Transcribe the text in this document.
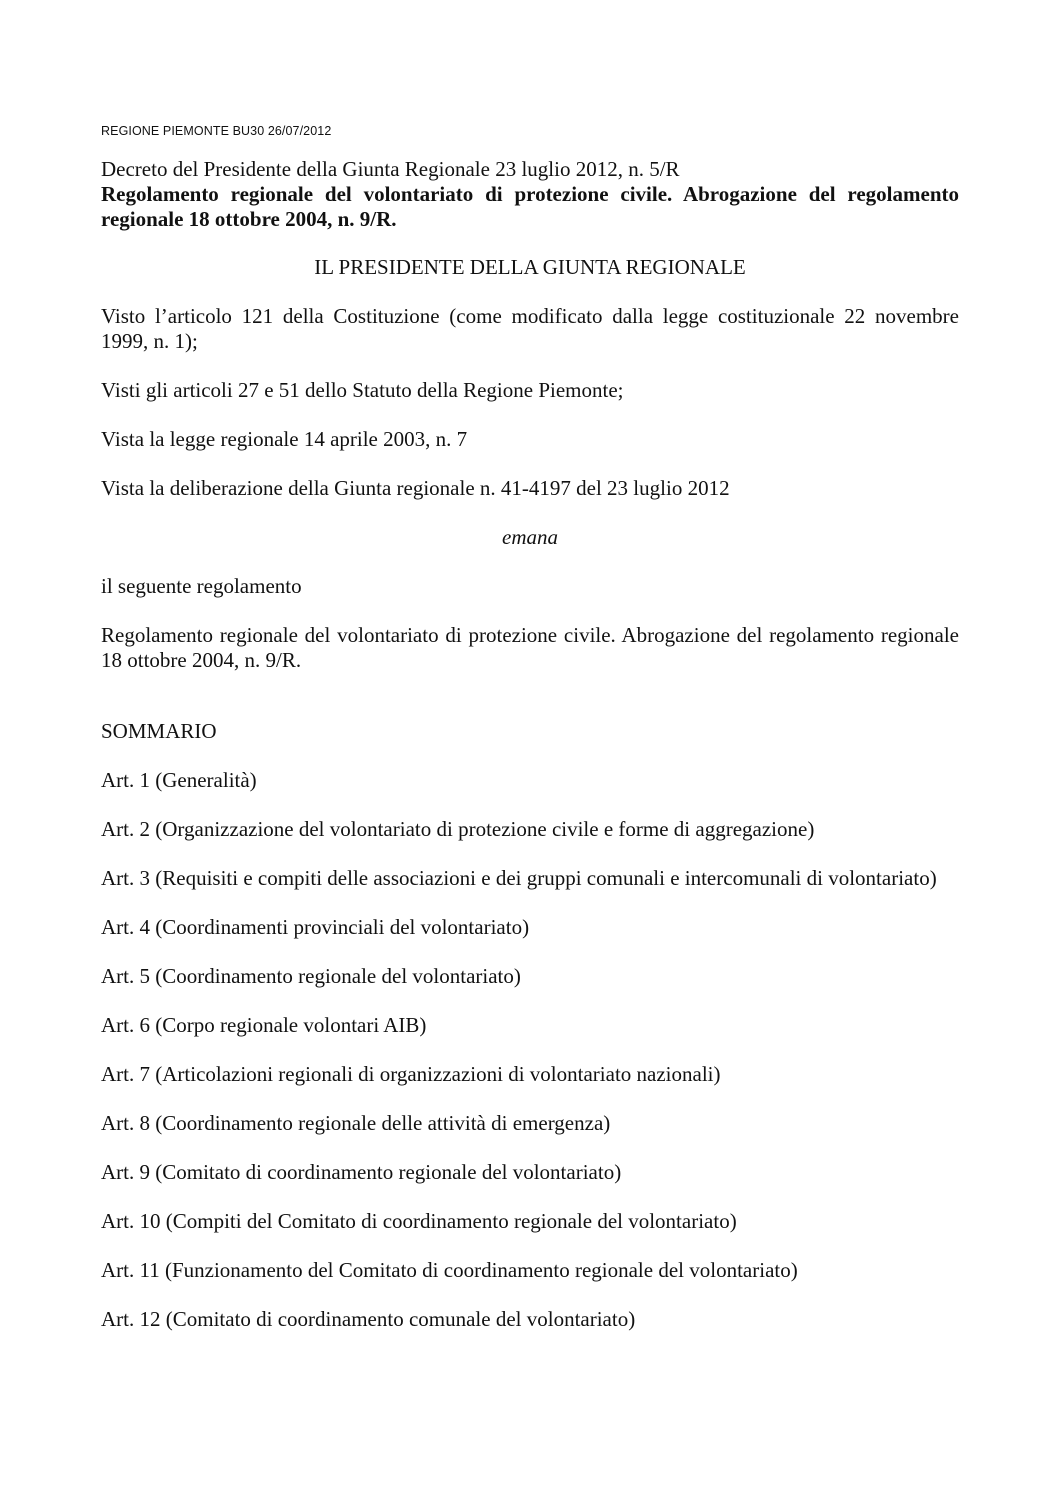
REGIONE PIEMONTE BU30 26/07/2012

Decreto del Presidente della Giunta Regionale 23 luglio 2012, n. 5/R

Regolamento regionale del volontariato di protezione civile. Abrogazione del regolamento regionale 18 ottobre 2004, n. 9/R.

IL PRESIDENTE DELLA GIUNTA REGIONALE

Visto l’articolo 121 della Costituzione (come modificato dalla legge costituzionale 22 novembre 1999, n. 1);

Visti gli articoli 27 e 51 dello Statuto della Regione Piemonte;

Vista la legge regionale 14 aprile 2003, n. 7

Vista la deliberazione della Giunta regionale n. 41-4197 del 23 luglio 2012

emana

il seguente regolamento

Regolamento regionale del volontariato di protezione civile. Abrogazione del regolamento regionale 18 ottobre 2004, n. 9/R.

SOMMARIO

Art. 1 (Generalità)
Art. 2 (Organizzazione del volontariato di protezione civile e forme di aggregazione)
Art. 3 (Requisiti e compiti delle associazioni e dei gruppi comunali e intercomunali di volontariato)
Art. 4 (Coordinamenti provinciali del volontariato)
Art. 5 (Coordinamento regionale del volontariato)
Art. 6 (Corpo regionale volontari AIB)
Art. 7 (Articolazioni regionali di organizzazioni di volontariato nazionali)
Art. 8 (Coordinamento regionale delle attività di emergenza)
Art. 9 (Comitato di coordinamento regionale del volontariato)
Art. 10 (Compiti del Comitato di coordinamento regionale del volontariato)
Art. 11 (Funzionamento del Comitato di coordinamento regionale del volontariato)
Art. 12 (Comitato di coordinamento comunale del volontariato)
